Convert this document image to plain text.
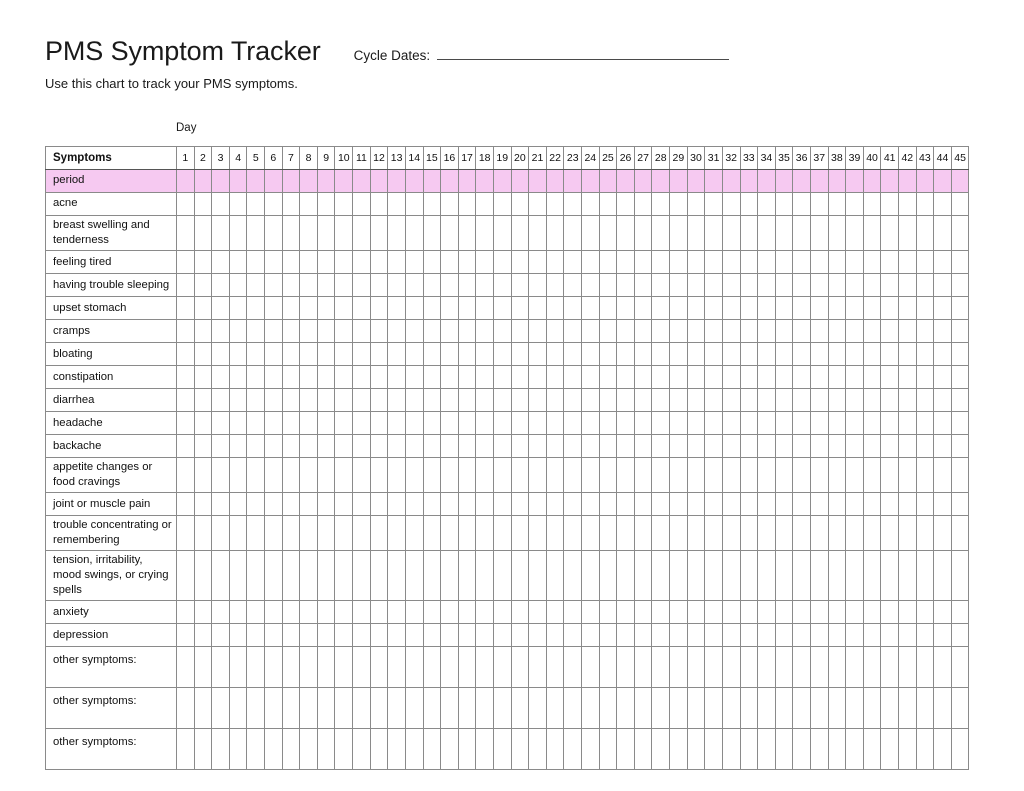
PMS Symptom Tracker Cycle Dates:
Use this chart to track your PMS symptoms.
Day
Symptoms	1	2	3	4	5	6	7	8	9	10	11	12	13	14	15	16	17	18	19	20	21	22	23	24	25	26	27	28	29	30	31	32	33	34	35	36	37	38	39	40	41	42	43	44	45
period																																													
acne																																													
breast swelling and tenderness																																													
feeling tired																																													
having trouble sleeping																																													
upset stomach																																													
cramps																																													
bloating																																													
constipation																																													
diarrhea																																													
headache																																													
backache																																													
appetite changes or food cravings																																													
joint or muscle pain																																													
trouble concentrating or remembering																																													
tension, irritability, mood swings, or crying spells																																													
anxiety																																													
depression																																													
other symptoms:																																													
other symptoms:																																													
other symptoms:																																													
